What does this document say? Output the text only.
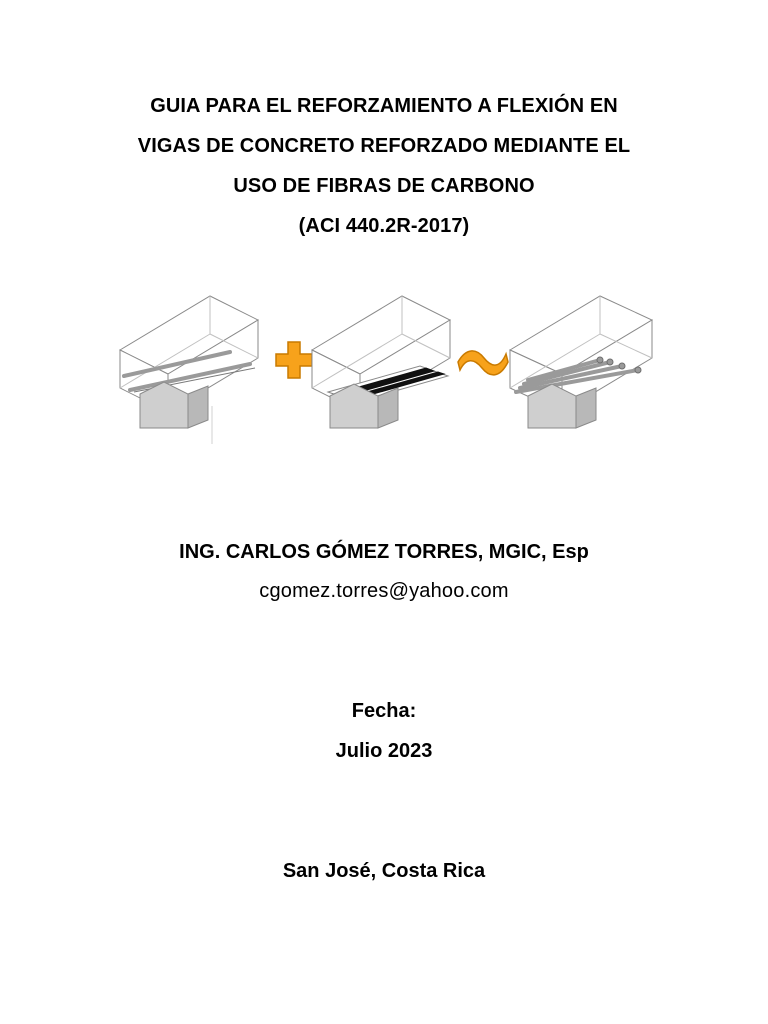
GUIA PARA EL REFORZAMIENTO A FLEXIÓN EN
VIGAS DE CONCRETO REFORZADO MEDIANTE EL
USO DE FIBRAS DE CARBONO
(ACI 440.2R-2017)
ING. CARLOS GÓMEZ TORRES, MGIC, Esp
cgomez.torres@yahoo.com
Fecha:
Julio 2023
San José, Costa Rica
